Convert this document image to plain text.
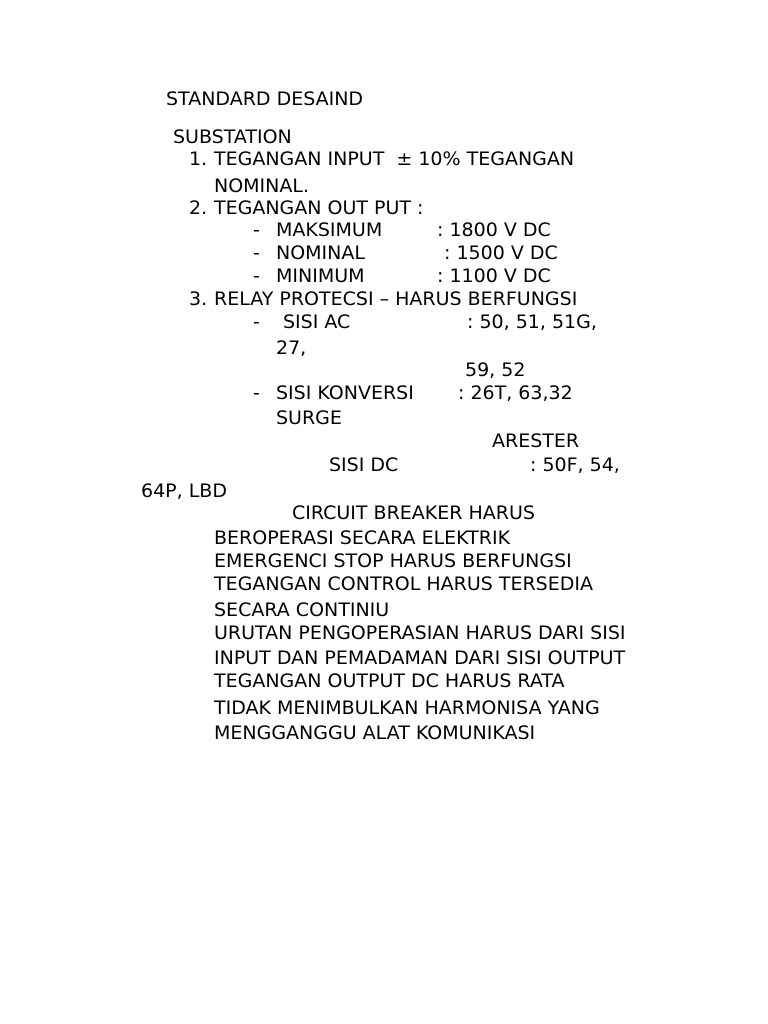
STANDARD DESAIND
SUBSTATION
1. TEGANGAN INPUT  ± 10% TEGANGAN
NOMINAL.
2. TEGANGAN OUT PUT :
- MAKSIMUM	: 1800 V DC
- NOMINAL	: 1500 V DC
- MINIMUM	: 1100 V DC
3. RELAY PROTECSI – HARUS BERFUNGSI
- SISI AC	: 50, 51, 51G,
27,
59, 52
- SISI KONVERSI : 26T, 63,32
SURGE
ARESTER
SISI DC	: 50F, 54,
64P, LBD
CIRCUIT BREAKER HARUS
BEROPERASI SECARA ELEKTRIK
EMERGENCI STOP HARUS BERFUNGSI
TEGANGAN CONTROL HARUS TERSEDIA
SECARA CONTINIU
URUTAN PENGOPERASIAN HARUS DARI SISI
INPUT DAN PEMADAMAN DARI SISI OUTPUT
TEGANGAN OUTPUT DC HARUS RATA
TIDAK MENIMBULKAN HARMONISA YANG
MENGGANGGU ALAT KOMUNIKASI
